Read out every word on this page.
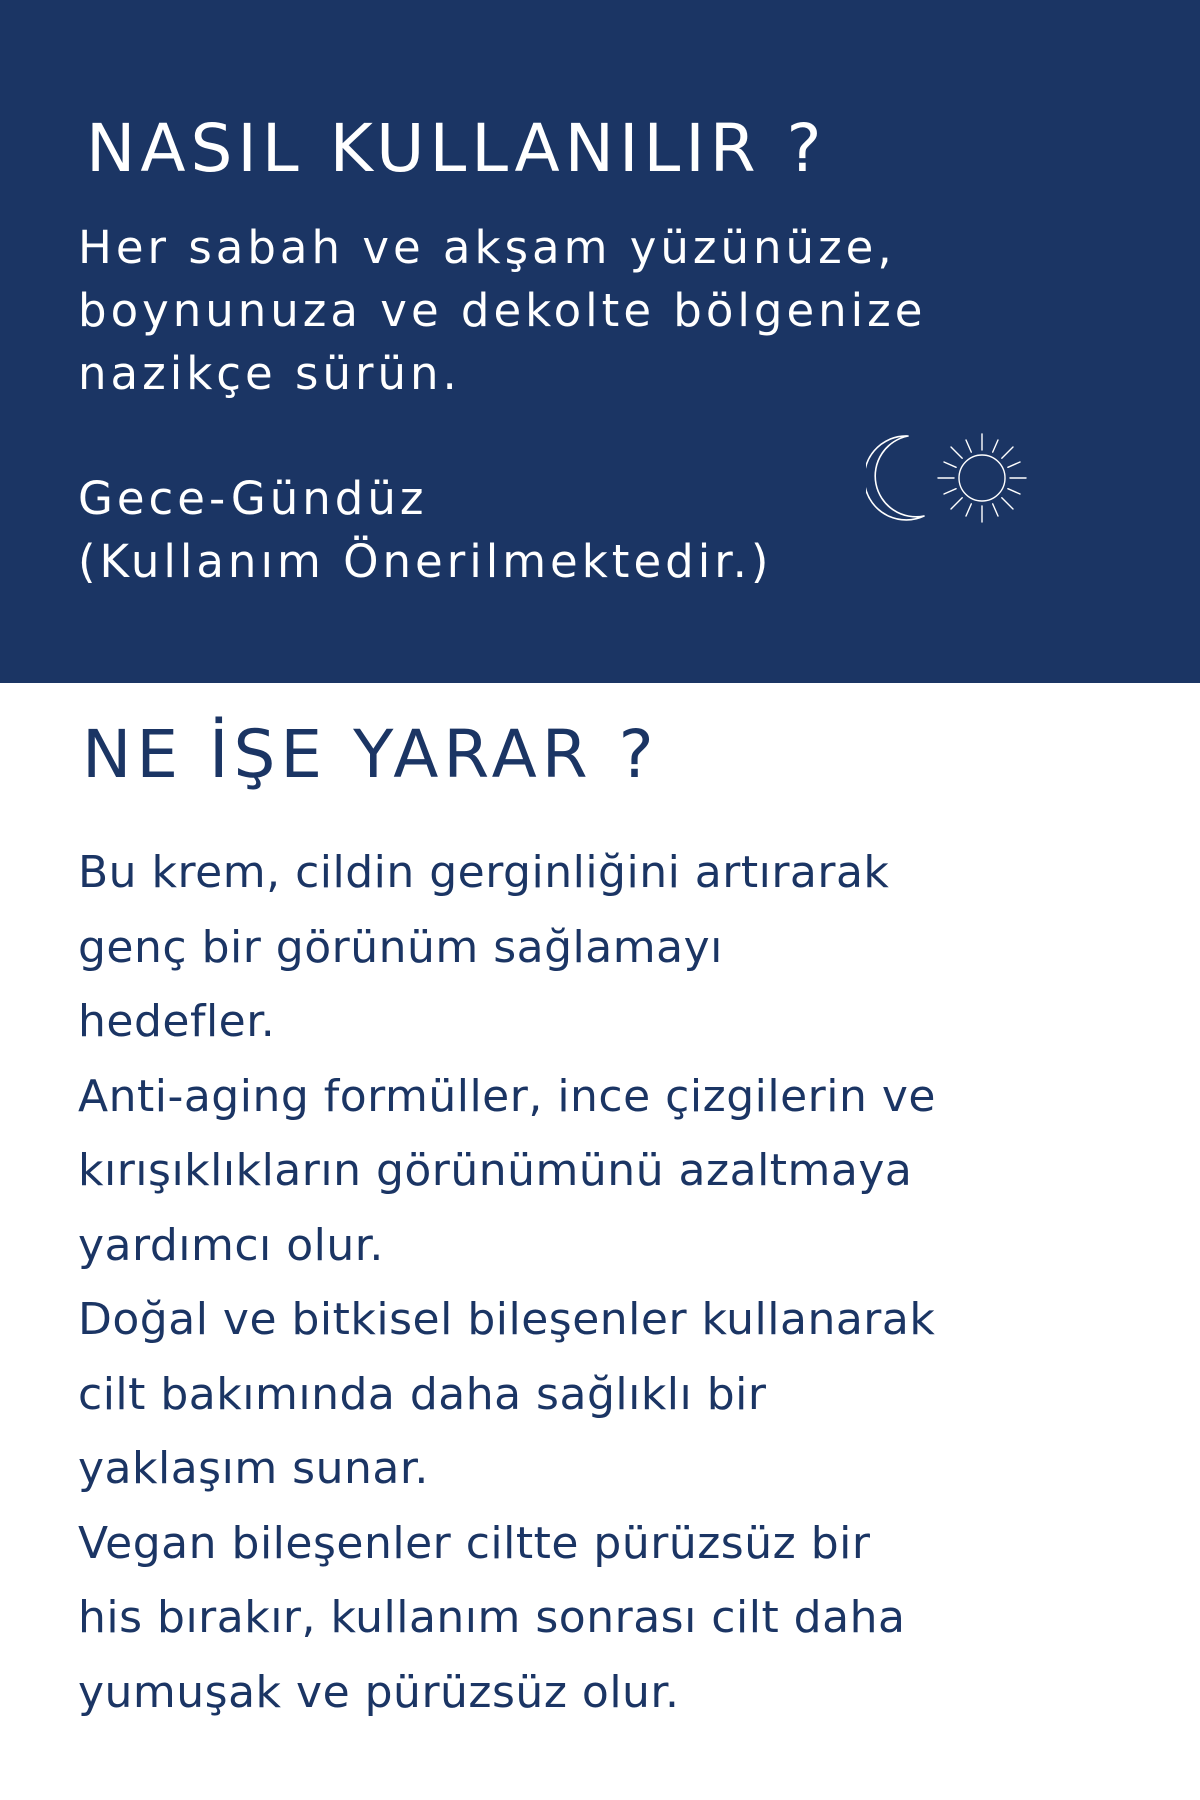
NASIL KULLANILIR ?

Her sabah ve akşam yüzünüze,
boynunuza ve dekolte bölgenize
nazikçe sürün.
Gece-Gündüz
(Kullanım Önerilmektedir.)

NE İŞE YARAR ?

Bu krem, cildin gerginliğini artırarak
genç bir görünüm sağlamayı
hedefler.
Anti-aging formüller, ince çizgilerin ve
kırışıklıkların görünümünü azaltmaya
yardımcı olur.
Doğal ve bitkisel bileşenler kullanarak
cilt bakımında daha sağlıklı bir
yaklaşım sunar.
Vegan bileşenler ciltte pürüzsüz bir
his bırakır, kullanım sonrası cilt daha
yumuşak ve pürüzsüz olur.
